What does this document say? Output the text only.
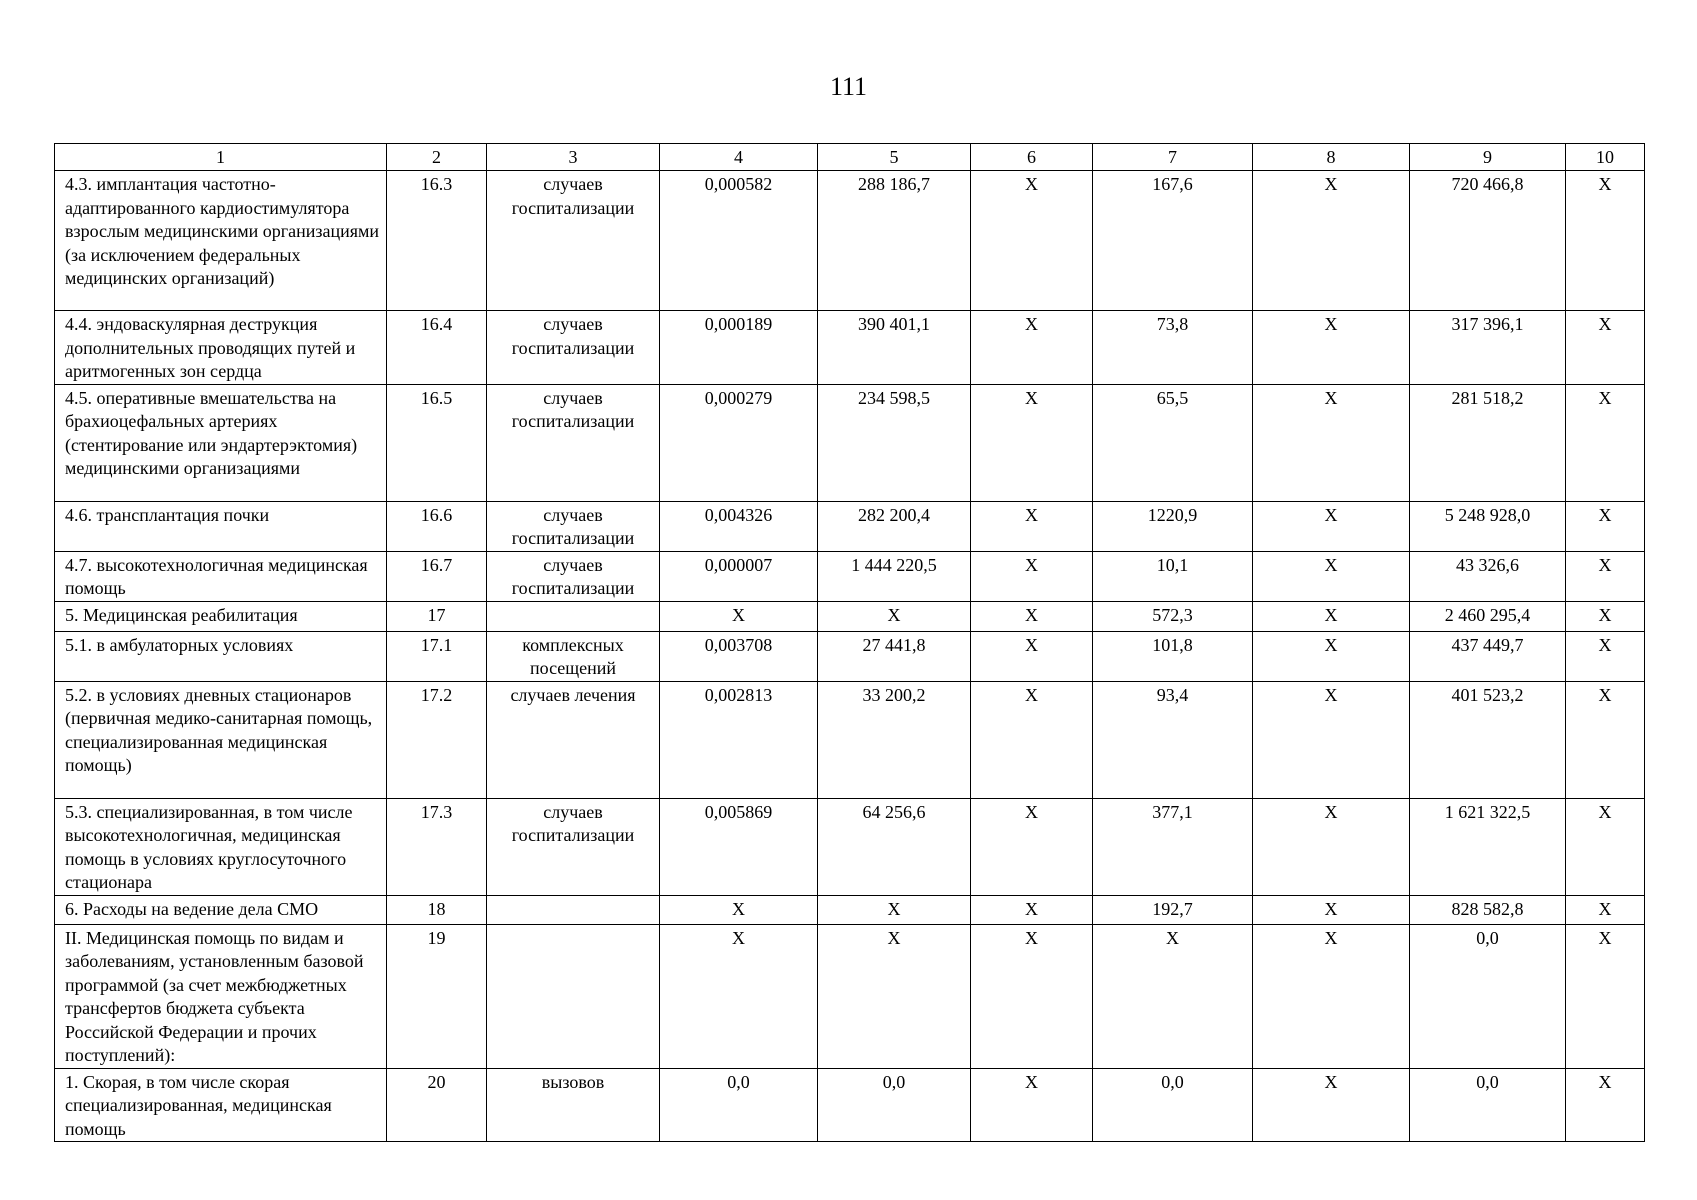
111
1	2	3	4	5	6	7	8	9	10
4.3. имплантация частотно-адаптированного кардиостимулятора взрослым медицинскими организациями (за исключением федеральных медицинских организаций)	16.3	случаев госпитализации	0,000582	288 186,7	Х	167,6	Х	720 466,8	Х
4.4. эндоваскулярная деструкция дополнительных проводящих путей и аритмогенных зон сердца	16.4	случаев госпитализации	0,000189	390 401,1	Х	73,8	Х	317 396,1	Х
4.5. оперативные вмешательства на брахиоцефальных артериях (стентирование или эндартерэктомия) медицинскими организациями	16.5	случаев госпитализации	0,000279	234 598,5	Х	65,5	Х	281 518,2	Х
4.6. трансплантация почки	16.6	случаев госпитализации	0,004326	282 200,4	Х	1220,9	Х	5 248 928,0	Х
4.7. высокотехнологичная медицинская помощь	16.7	случаев госпитализации	0,000007	1 444 220,5	Х	10,1	Х	43 326,6	Х
5. Медицинская реабилитация	17		Х	Х	Х	572,3	Х	2 460 295,4	Х
5.1. в амбулаторных условиях	17.1	комплексных посещений	0,003708	27 441,8	Х	101,8	Х	437 449,7	Х
5.2. в условиях дневных стационаров (первичная медико-санитарная помощь, специализированная медицинская помощь)	17.2	случаев лечения	0,002813	33 200,2	Х	93,4	Х	401 523,2	Х
5.3. специализированная, в том числе высокотехнологичная, медицинская помощь в условиях круглосуточного стационара	17.3	случаев госпитализации	0,005869	64 256,6	Х	377,1	Х	1 621 322,5	Х
6. Расходы на ведение дела СМО	18		Х	Х	Х	192,7	Х	828 582,8	Х
II. Медицинская помощь по видам и заболеваниям, установленным базовой программой (за счет межбюджетных трансфертов бюджета субъекта Российской Федерации и прочих поступлений):	19		Х	Х	Х	Х	Х	0,0	Х
1. Скорая, в том числе скорая специализированная, медицинская помощь	20	вызовов	0,0	0,0	Х	0,0	Х	0,0	Х
